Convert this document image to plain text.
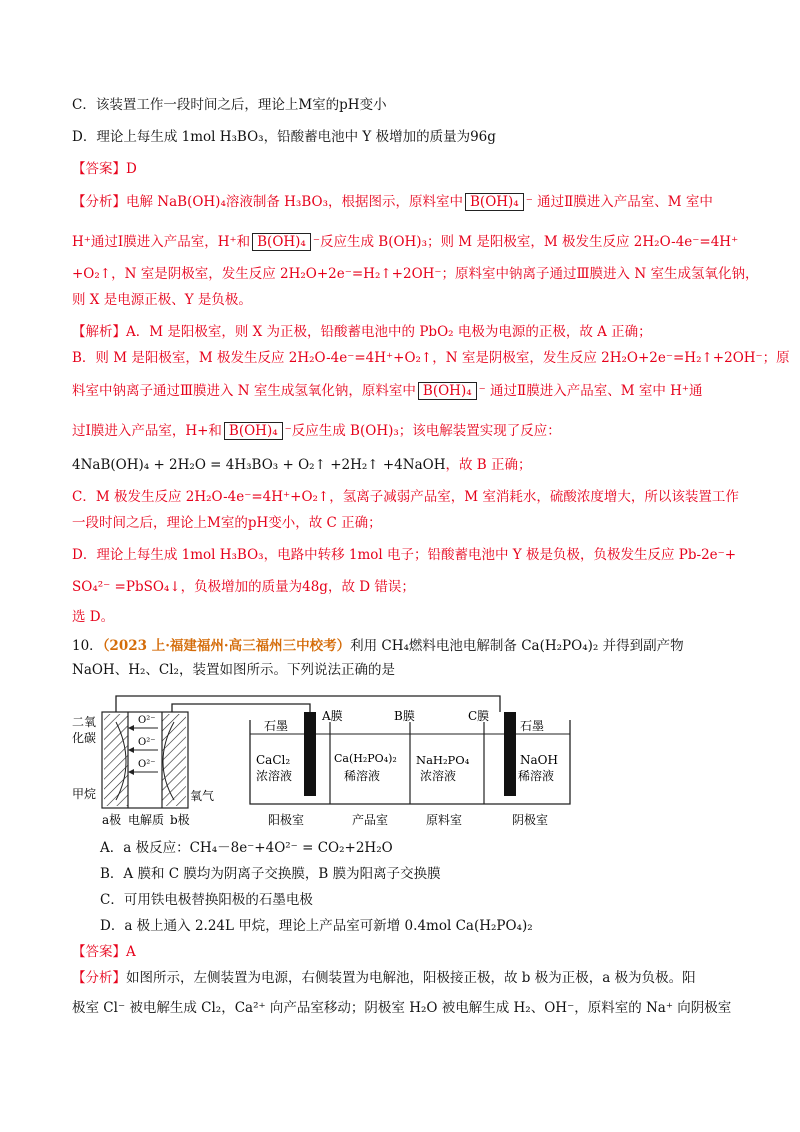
C．该装置工作一段时间之后，理论上M室的pH变小
D．理论上每生成 1mol H₃BO₃，铅酸蓄电池中 Y 极增加的质量为96g
【答案】D
【分析】电解 NaB(OH)₄溶液制备 H₃BO₃，根据图示，原料室中 B(OH)₄ ⁻ 通过Ⅱ膜进入产品室、M 室中
H⁺通过Ⅰ膜进入产品室，H⁺和 B(OH)₄ ⁻反应生成 B(OH)₃；则 M 是阳极室，M 极发生反应 2H₂O-4e⁻=4H⁺
+O₂↑，N 室是阴极室，发生反应 2H₂O+2e⁻=H₂↑+2OH⁻；原料室中钠离子通过Ⅲ膜进入 N 室生成氢氧化钠，
则 X 是电源正极、Y 是负极。
【解析】A．M 是阳极室，则 X 为正极，铅酸蓄电池中的 PbO₂ 电极为电源的正极，故 A 正确；
B．则 M 是阳极室，M 极发生反应 2H₂O-4e⁻=4H⁺+O₂↑，N 室是阴极室，发生反应 2H₂O+2e⁻=H₂↑+2OH⁻；原
料室中钠离子通过Ⅲ膜进入 N 室生成氢氧化钠，原料室中 B(OH)₄ ⁻ 通过Ⅱ膜进入产品室、M 室中 H⁺通
过Ⅰ膜进入产品室，H+和 B(OH)₄ ⁻反应生成 B(OH)₃；该电解装置实现了反应：
4NaB(OH)₄ + 2H₂O = 4H₃BO₃ + O₂↑ +2H₂↑ +4NaOH，故 B 正确；
C．M 极发生反应 2H₂O-4e⁻=4H⁺+O₂↑，氢离子减弱产品室，M 室消耗水，硫酸浓度增大，所以该装置工作
一段时间之后，理论上M室的pH变小，故 C 正确；
D．理论上每生成 1mol H₃BO₃，电路中转移 1mol 电子；铅酸蓄电池中 Y 极是负极，负极发生反应 Pb-2e⁻+
SO₄²⁻ =PbSO₄↓，负极增加的质量为48g，故 D 错误；
选 D。
10．（2023 上·福建福州·高三福州三中校考）利用 CH₄燃料电池电解制备 Ca(H₂PO₄)₂ 并得到副产物
NaOH、H₂、Cl₂，装置如图所示。下列说法正确的是
O²⁻
O²⁻
O²⁻
二氧
化碳
甲烷	氧气
a极 电解质 b极
石墨	石墨
A膜	B膜	C膜
CaCl₂
浓溶液
Ca(H₂PO₄)₂
稀溶液
NaH₂PO₄
浓溶液
NaOH
稀溶液
阳极室	产品室	原料室	阴极室
A．a 极反应：CH₄－8e⁻+4O²⁻ = CO₂+2H₂O
B．A 膜和 C 膜均为阴离子交换膜，B 膜为阳离子交换膜
C．可用铁电极替换阳极的石墨电极
D．a 极上通入 2.24L 甲烷，理论上产品室可新增 0.4mol Ca(H₂PO₄)₂
【答案】A
【分析】如图所示，左侧装置为电源，右侧装置为电解池，阳极接正极，故 b 极为正极，a 极为负极。阳
极室 Cl⁻ 被电解生成 Cl₂，Ca²⁺ 向产品室移动；阴极室 H₂O 被电解生成 H₂、OH⁻，原料室的 Na⁺ 向阴极室
